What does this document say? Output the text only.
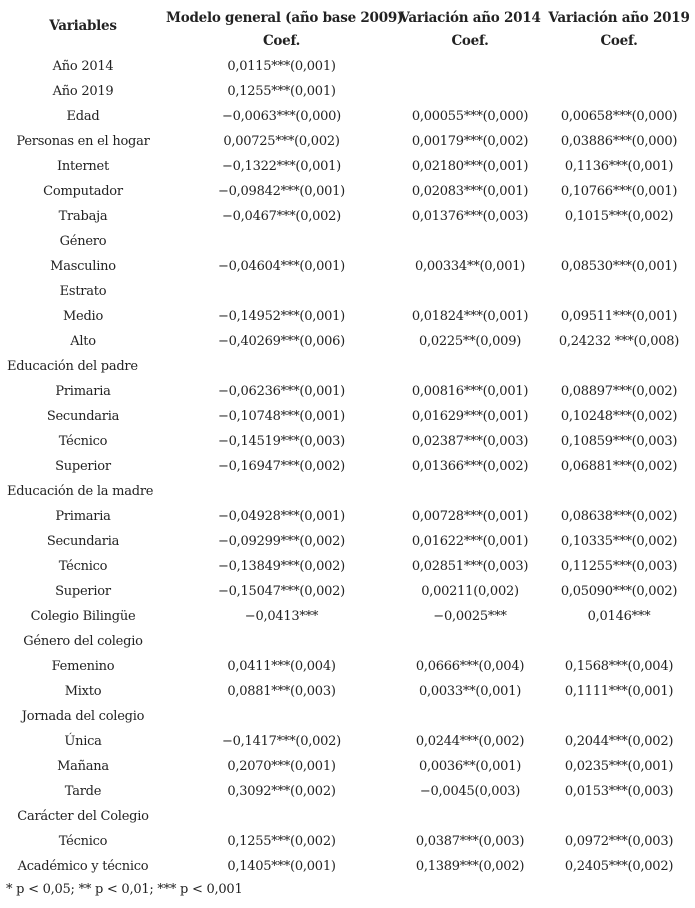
Variables	Modelo general (año base 2009)	Variación año 2014	Variación año 2019
	Coef.	Coef.	Coef.
Año 2014	0,0115***(0,001)		
Año 2019	0,1255***(0,001)		
Edad	−0,0063***(0,000)	0,00055***(0,000)	0,00658***(0,000)
Personas en el hogar	0,00725***(0,002)	0,00179***(0,002)	0,03886***(0,000)
Internet	−0,1322***(0,001)	0,02180***(0,001)	0,1136***(0,001)
Computador	−0,09842***(0,001)	0,02083***(0,001)	0,10766***(0,001)
Trabaja	−0,0467***(0,002)	0,01376***(0,003)	0,1015***(0,002)
Género			
Masculino	−0,04604***(0,001)	0,00334**(0,001)	0,08530***(0,001)
Estrato			
Medio	−0,14952***(0,001)	0,01824***(0,001)	0,09511***(0,001)
Alto	−0,40269***(0,006)	0,0225**(0,009)	0,24232 ***(0,008)
Educación del padre			
Primaria	−0,06236***(0,001)	0,00816***(0,001)	0,08897***(0,002)
Secundaria	−0,10748***(0,001)	0,01629***(0,001)	0,10248***(0,002)
Técnico	−0,14519***(0,003)	0,02387***(0,003)	0,10859***(0,003)
Superior	−0,16947***(0,002)	0,01366***(0,002)	0,06881***(0,002)
Educación de la madre			
Primaria	−0,04928***(0,001)	0,00728***(0,001)	0,08638***(0,002)
Secundaria	−0,09299***(0,002)	0,01622***(0,001)	0,10335***(0,002)
Técnico	−0,13849***(0,002)	0,02851***(0,003)	0,11255***(0,003)
Superior	−0,15047***(0,002)	0,00211(0,002)	0,05090***(0,002)
Colegio Bilingüe	−0,0413***	−0,0025***	0,0146***
Género del colegio			
Femenino	0,0411***(0,004)	0,0666***(0,004)	0,1568***(0,004)
Mixto	0,0881***(0,003)	0,0033**(0,001)	0,1111***(0,001)
Jornada del colegio			
Única	−0,1417***(0,002)	0,0244***(0,002)	0,2044***(0,002)
Mañana	0,2070***(0,001)	0,0036**(0,001)	0,0235***(0,001)
Tarde	0,3092***(0,002)	−0,0045(0,003)	0,0153***(0,003)
Carácter del Colegio			
Técnico	0,1255***(0,002)	0,0387***(0,003)	0,0972***(0,003)
Académico y técnico	0,1405***(0,001)	0,1389***(0,002)	0,2405***(0,002)
* p < 0,05; ** p < 0,01; *** p < 0,001
